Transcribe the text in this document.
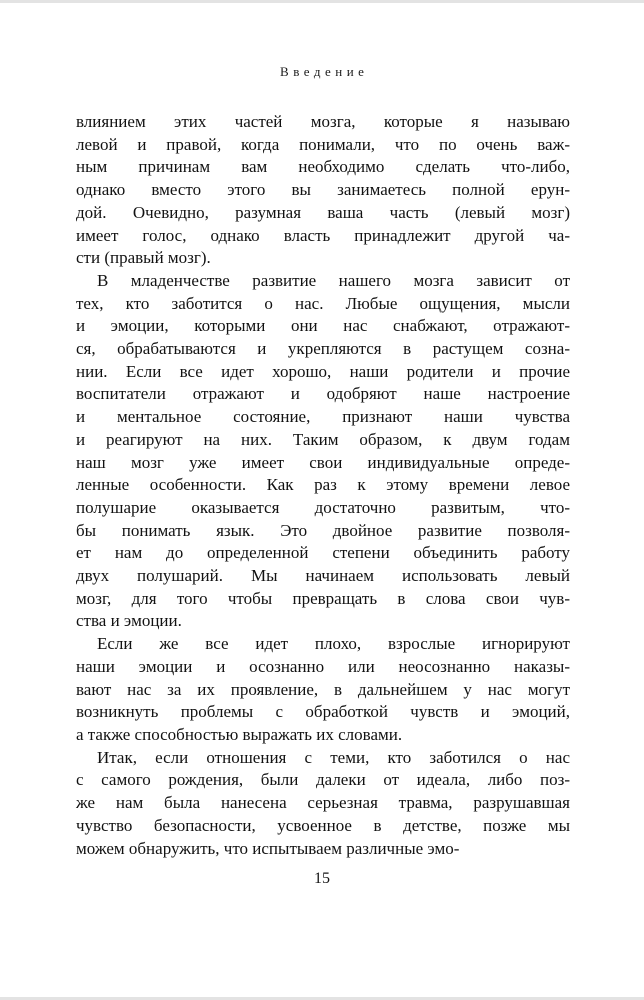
Введение
влиянием этих частей мозга, которые я называю
левой и правой, когда понимали, что по очень важ-
ным причинам вам необходимо сделать что-либо,
однако вместо этого вы занимаетесь полной ерун-
дой. Очевидно, разумная ваша часть (левый мозг)
имеет голос, однако власть принадлежит другой ча-
сти (правый мозг).
В младенчестве развитие нашего мозга зависит от
тех, кто заботится о нас. Любые ощущения, мысли
и эмоции, которыми они нас снабжают, отражают-
ся, обрабатываются и укрепляются в растущем созна-
нии. Если все идет хорошо, наши родители и прочие
воспитатели отражают и одобряют наше настроение
и ментальное состояние, признают наши чувства
и реагируют на них. Таким образом, к двум годам
наш мозг уже имеет свои индивидуальные опреде-
ленные особенности. Как раз к этому времени левое
полушарие оказывается достаточно развитым, что-
бы понимать язык. Это двойное развитие позволя-
ет нам до определенной степени объединить работу
двух полушарий. Мы начинаем использовать левый
мозг, для того чтобы превращать в слова свои чув-
ства и эмоции.
Если же все идет плохо, взрослые игнорируют
наши эмоции и осознанно или неосознанно наказы-
вают нас за их проявление, в дальнейшем у нас могут
возникнуть проблемы с обработкой чувств и эмоций,
а также способностью выражать их словами.
Итак, если отношения с теми, кто заботился о нас
с самого рождения, были далеки от идеала, либо поз-
же нам была нанесена серьезная травма, разрушавшая
чувство безопасности, усвоенное в детстве, позже мы
можем обнаружить, что испытываем различные эмо-
15
